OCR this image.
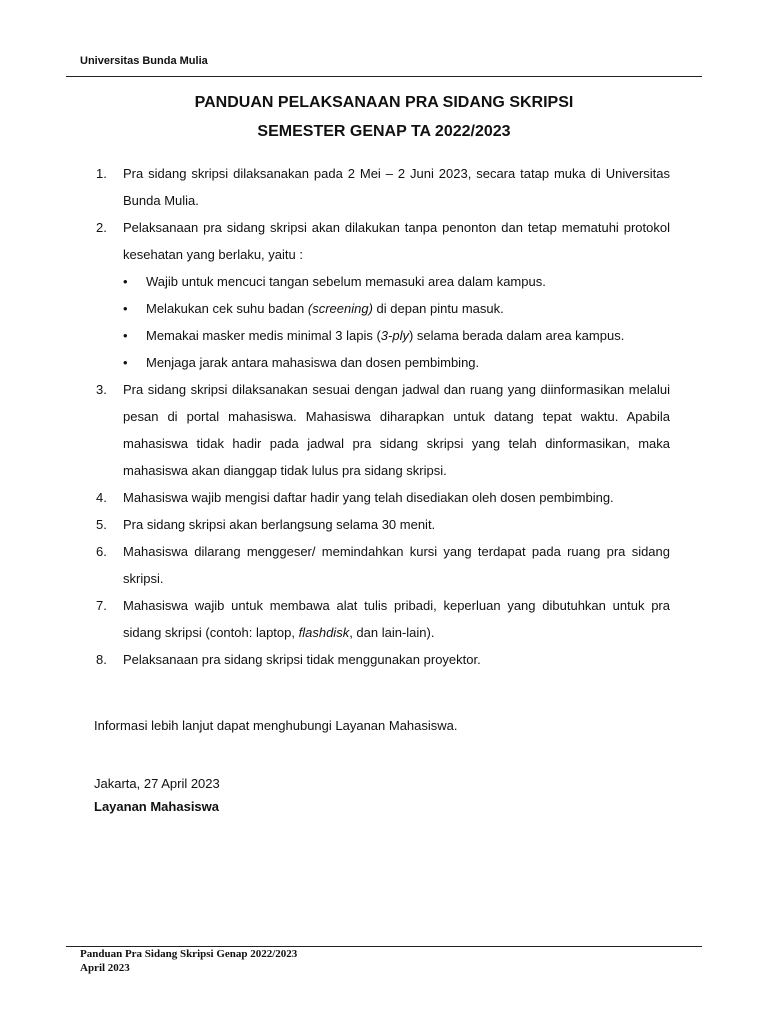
Universitas Bunda Mulia
PANDUAN PELAKSANAAN PRA SIDANG SKRIPSI
SEMESTER GENAP TA 2022/2023
1. Pra sidang skripsi dilaksanakan pada 2 Mei – 2 Juni 2023, secara tatap muka di Universitas Bunda Mulia.
2. Pelaksanaan pra sidang skripsi akan dilakukan tanpa penonton dan tetap mematuhi protokol kesehatan yang berlaku, yaitu :
• Wajib untuk mencuci tangan sebelum memasuki area dalam kampus.
• Melakukan cek suhu badan (screening) di depan pintu masuk.
• Memakai masker medis minimal 3 lapis (3-ply) selama berada dalam area kampus.
• Menjaga jarak antara mahasiswa dan dosen pembimbing.
3. Pra sidang skripsi dilaksanakan sesuai dengan jadwal dan ruang yang diinformasikan melalui pesan di portal mahasiswa. Mahasiswa diharapkan untuk datang tepat waktu. Apabila mahasiswa tidak hadir pada jadwal pra sidang skripsi yang telah dinformasikan, maka mahasiswa akan dianggap tidak lulus pra sidang skripsi.
4. Mahasiswa wajib mengisi daftar hadir yang telah disediakan oleh dosen pembimbing.
5. Pra sidang skripsi akan berlangsung selama 30 menit.
6. Mahasiswa dilarang menggeser/ memindahkan kursi yang terdapat pada ruang pra sidang skripsi.
7. Mahasiswa wajib untuk membawa alat tulis pribadi, keperluan yang dibutuhkan untuk pra sidang skripsi (contoh: laptop, flashdisk, dan lain-lain).
8. Pelaksanaan pra sidang skripsi tidak menggunakan proyektor.
Informasi lebih lanjut dapat menghubungi Layanan Mahasiswa.
Jakarta, 27 April 2023
Layanan Mahasiswa
Panduan Pra Sidang Skripsi Genap 2022/2023
April 2023
